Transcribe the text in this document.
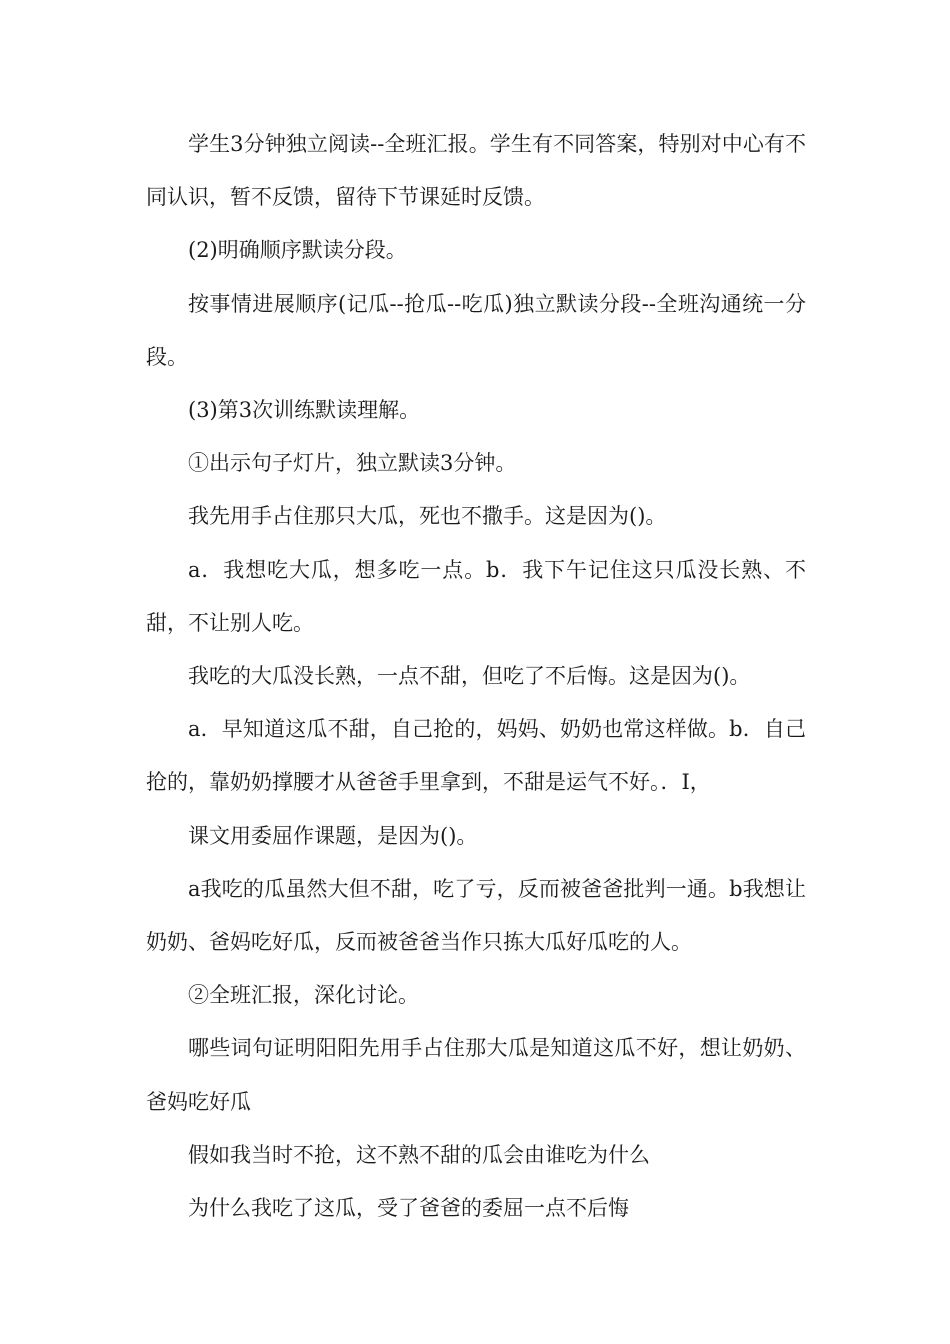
学生3分钟独立阅读--全班汇报。学生有不同答案，特别对中心有不同认识，暂不反馈，留待下节课延时反馈。

(2)明确顺序默读分段。

按事情进展顺序(记瓜--抢瓜--吃瓜)独立默读分段--全班沟通统一分段。

(3)第3次训练默读理解。

①出示句子灯片，独立默读3分钟。

我先用手占住那只大瓜，死也不撒手。这是因为()。

a．我想吃大瓜，想多吃一点。b．我下午记住这只瓜没长熟、不甜，不让别人吃。

我吃的大瓜没长熟，一点不甜，但吃了不后悔。这是因为()。

a．早知道这瓜不甜，自己抢的，妈妈、奶奶也常这样做。b．自己抢的，靠奶奶撑腰才从爸爸手里拿到，不甜是运气不好。．I，

课文用委屈作课题，是因为()。

a我吃的瓜虽然大但不甜，吃了亏，反而被爸爸批判一通。b我想让奶奶、爸妈吃好瓜，反而被爸爸当作只拣大瓜好瓜吃的人。

②全班汇报，深化讨论。

哪些词句证明阳阳先用手占住那大瓜是知道这瓜不好，想让奶奶、爸妈吃好瓜

假如我当时不抢，这不熟不甜的瓜会由谁吃为什么

为什么我吃了这瓜，受了爸爸的委屈一点不后悔
